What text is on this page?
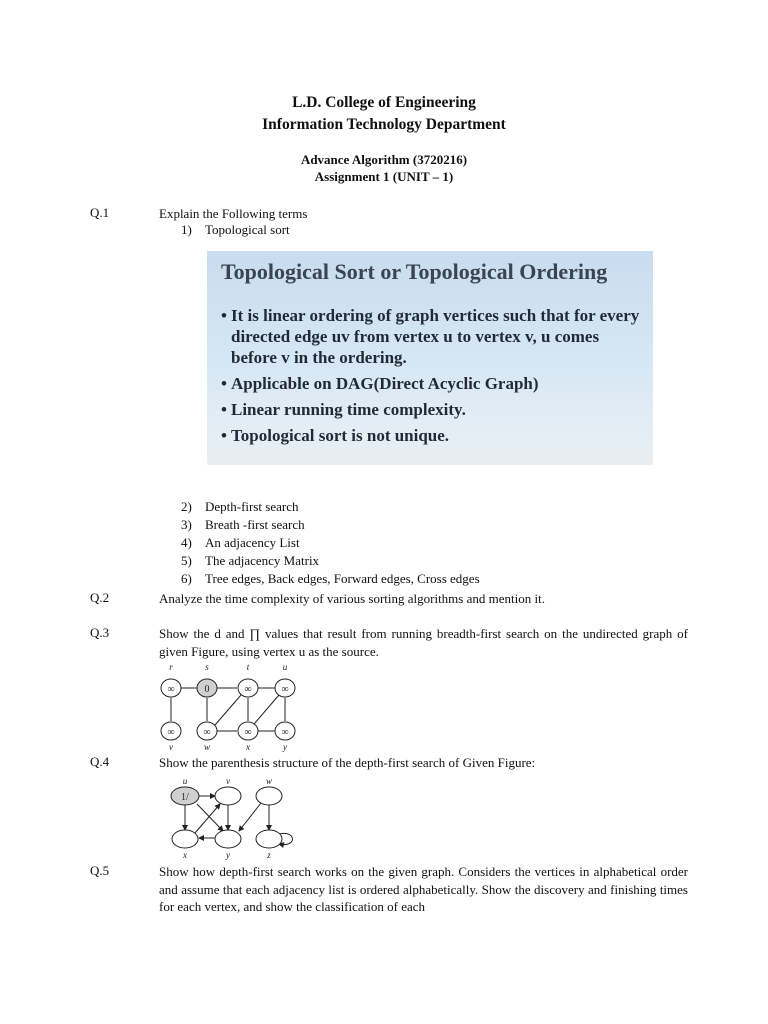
L.D. College of Engineering
Information Technology Department
Advance Algorithm (3720216)
Assignment 1 (UNIT – 1)
Q.1	Explain the Following terms
1) Topological sort
Topological Sort or Topological Ordering
• It is linear ordering of graph vertices such that for every directed edge uv from vertex u to vertex v, u comes before v in the ordering.
• Applicable on DAG(Direct Acyclic Graph)
• Linear running time complexity.
• Topological sort is not unique.
2) Depth-first search
3) Breath -first search
4) An adjacency List
5) The adjacency Matrix
6) Tree edges, Back edges, Forward edges, Cross edges
Q.2	Analyze the time complexity of various sorting algorithms and mention it.
Q.3	Show the d and ∏ values that result from running breadth-first search on the undirected graph of given Figure, using vertex u as the source.
∞	0	∞	∞
∞	∞	∞	∞
r	s	t	u
v	w	x	y
Q.4	Show the parenthesis structure of the depth-first search of Given Figure:
1/
u	v	w
x	y	z
Q.5	Show how depth-first search works on the given graph. Considers the vertices in alphabetical order and assume that each adjacency list is ordered alphabetically. Show the discovery and finishing times for each vertex, and show the classification of each
